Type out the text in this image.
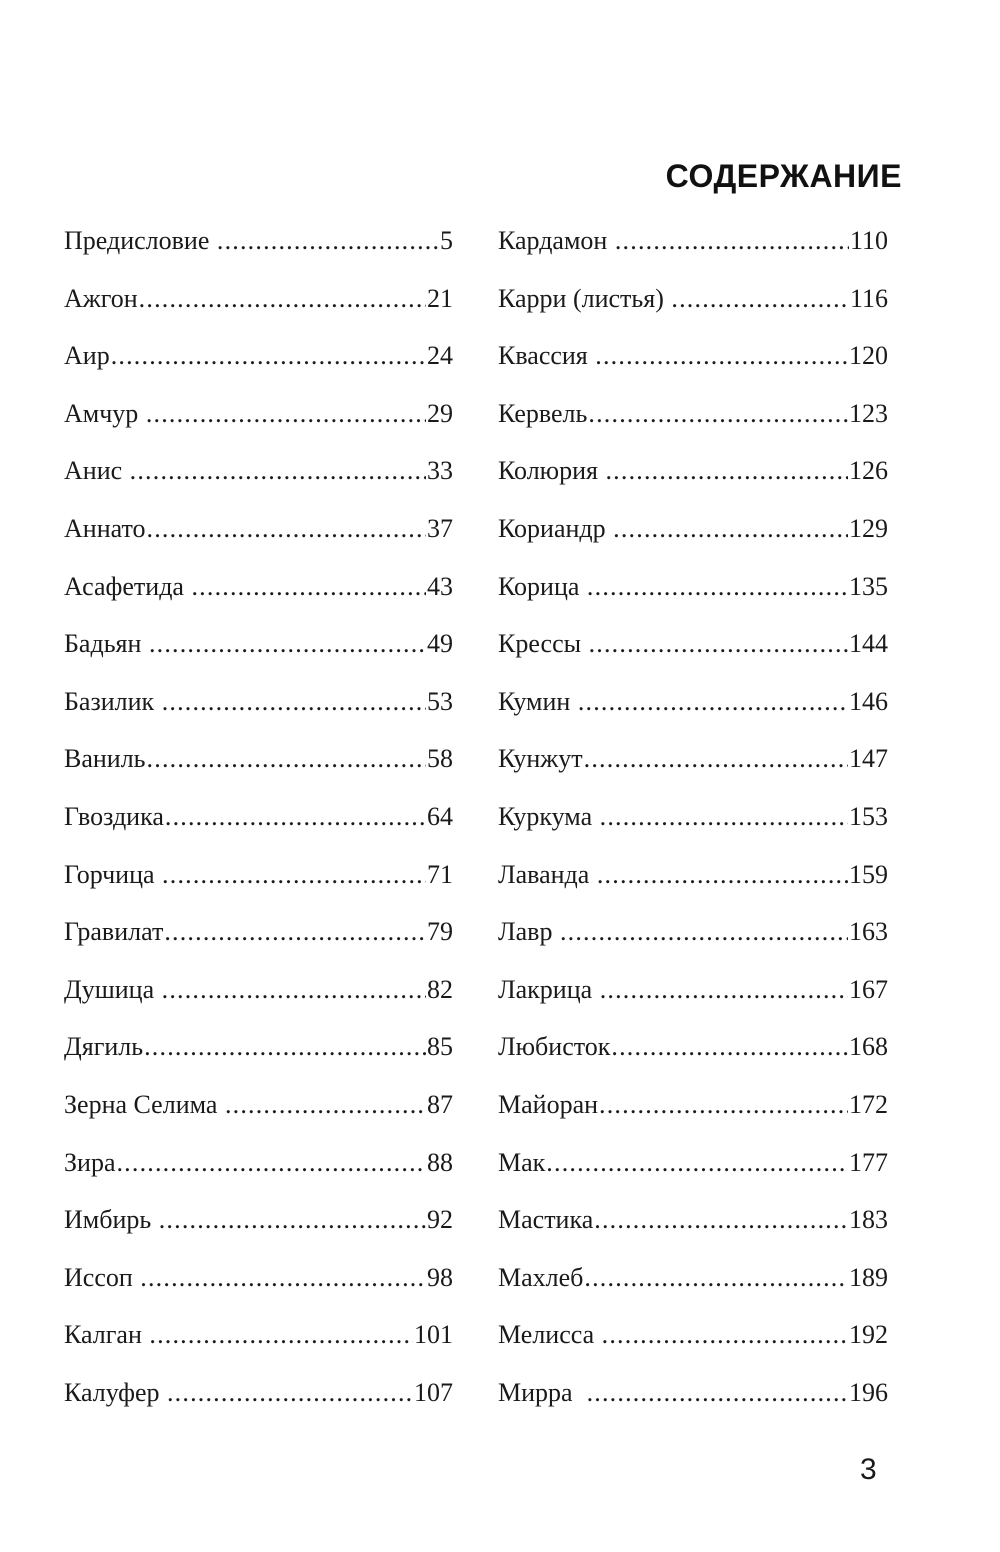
СОДЕРЖАНИЕ
Предисловие .....	5
Ажгон .....	21
Аир .....	24
Амчур .....	29
Анис .....	33
Аннато .....	37
Асафетида .....	43
Бадьян .....	49
Базилик .....	53
Ваниль .....	58
Гвоздика .....	64
Горчица .....	71
Гравилат .....	79
Душица .....	82
Дягиль .....	85
Зерна Селима .....	87
Зира .....	88
Имбирь .....	92
Иссоп .....	98
Калган .....	101
Калуфер .....	107
Кардамон .....	110
Карри (листья) .....	116
Квассия .....	120
Кервель .....	123
Колюрия .....	126
Кориандр .....	129
Корица .....	135
Крессы .....	144
Кумин .....	146
Кунжут .....	147
Куркума .....	153
Лаванда .....	159
Лавр .....	163
Лакрица .....	167
Любисток .....	168
Майоран .....	172
Мак .....	177
Мастика .....	183
Махлеб .....	189
Мелисса .....	192
Мирра .....	196
3
